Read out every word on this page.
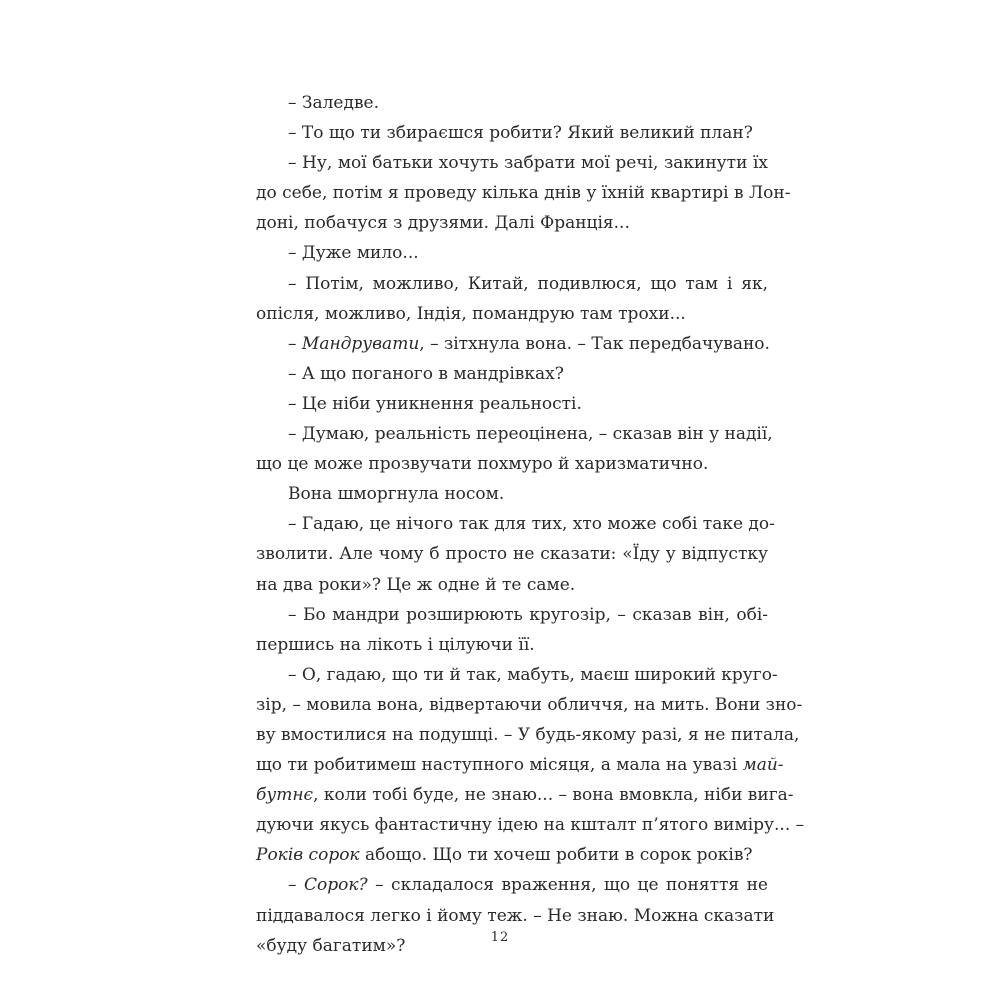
– Заледве.
– То що ти збираєшся робити? Який великий план?
– Ну, мої батьки хочуть забрати мої речі, закинути їх
до себе, потім я проведу кілька днів у їхній квартирі в Лон-
доні, побачуся з друзями. Далі Франція...
– Дуже мило...
– Потім, можливо, Китай, подивлюся, що там і як,
опісля, можливо, Індія, помандрую там трохи...
– Мандрувати, – зітхнула вона. – Так передбачувано.
– А що поганого в мандрівках?
– Це ніби уникнення реальності.
– Думаю, реальність переоцінена, – сказав він у надії,
що це може прозвучати похмуро й харизматично.
Вона шморгнула носом.
– Гадаю, це нічого так для тих, хто може собі таке до-
зволити. Але чому б просто не сказати: «Їду у відпустку
на два роки»? Це ж одне й те саме.
– Бо мандри розширюють кругозір, – сказав він, обі-
першись на лікоть і цілуючи її.
– О, гадаю, що ти й так, мабуть, маєш широкий круго-
зір, – мовила вона, відвертаючи обличчя, на мить. Вони зно-
ву вмостилися на подушці. – У будь-якому разі, я не питала,
що ти робитимеш наступного місяця, а мала на увазі май-
бутнє, коли тобі буде, не знаю... – вона вмовкла, ніби вига-
дуючи якусь фантастичну ідею на кшталт п’ятого виміру... –
Років сорок абощо. Що ти хочеш робити в сорок років?
– Сорок? – складалося враження, що це поняття не
піддавалося легко і йому теж. – Не знаю. Можна сказати
«буду багатим»?	12
